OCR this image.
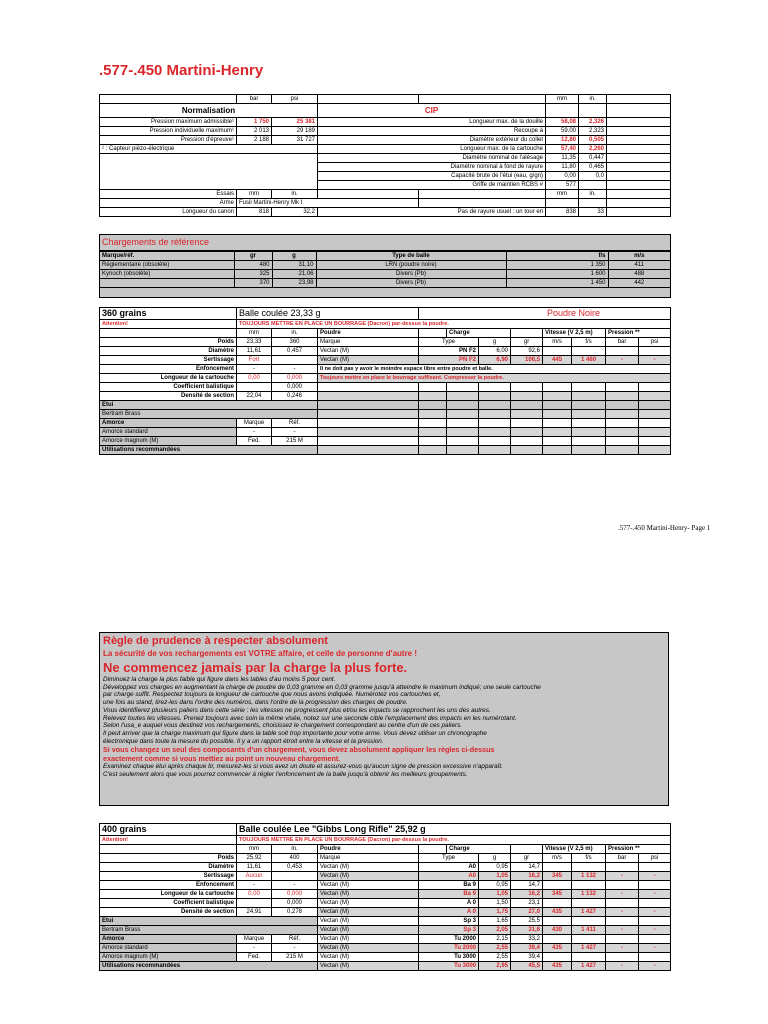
.577-.450 Martini-Henry
	bar	psi			mm	in.	
Normalisation			CIP				
Pression maximum admissible¹	1 750	25 381	Longueur max. de la douille		58,08	2,326	
Pression individuelle maximum¹	2 013	29 189	Recoupe à		59,00	2,323	
Pression d'épreuve¹	2 188	31 727	Diamètre extérieur du collet		12,80	0,505	
¹ : Capteur piézo-électrique			Longueur max. de la cartouche		57,40	2,260	
			Diamètre nominal de l'alésage		11,35	0,447	
			Diamètre nominal à fond de rayure		11,80	0,465	
			Capacité brute de l'étui (eau, g/gn)		0,00	0,0	
			Griffe de maintien RCBS #		577		
Essais	mm	in.			mm	in.	
Arme	Fusil Martini-Henry Mk I						
Longueur du canon	818	32,2	Pas de rayure usuel : un tour en		838	33	
Chargements de référence
Marque/réf.	gr	g	Type de balle	f/s	m/s
Réglementaire (obsolète)	480	31,10	LRN (poudre noire)	1 350	411
Kynoch (obsolète)	325	21,06	Divers (Pb)	1 600	488
	370	23,98	Divers (Pb)	1 450	442
360 grains	Balle coulée 23,33 g			Poudre Noire							
Attention!	TOUJOURS METTRE EN PLACE UN BOURRAGE (Dacron) par-dessus la poudre.										
	mm	in.	Poudre		Charge			Vitesse (V 2,5 m)		Pression **	
Poids	23,33	360	Marque	Type		g	gr	m/s	f/s	bar	psi
Diamètre	11,61	0,457	Vectan (M)	PN F2		6,00	92,6				
Sertissage	Fort		Vectan (M)	PN F2		6,90	106,5	445	1 460	-	-
Enfoncement	-	-	Il ne doit pas y avoir le moindre espace libre entre poudre et balle.								
Longueur de la cartouche	0,00	0,000	Toujours mettre en place le bourrage suffisant. Compresser la poudre.								
Coefficient balistique		0,000									
Densité de section	22,04	0,246									
Etui											
Bertram Brass											
Amorce	Marque	Réf.									
Amorce standard	-	-									
Amorce magnum (M)	Fed.	215 M									
Utilisations recommandées											
.577-.450 Martini-Henry- Page 1
Règle de prudence à respecter absolument
La sécurité de vos rechargements est VOTRE affaire, et celle de personne d'autre !
Ne commencez jamais par la charge la plus forte.
Diminuez la charge la plus faible qui figure dans les tables d'au moins 5 pour cent.
Développez vos charges en augmentant la charge de poudre de 0,03 gramme en 0,03 gramme jusqu'à atteindre le maximum indiqué; une seule cartouche
par charge suffit. Respectez toujours la longueur de cartouche que nous avons indiquée. Numérotez vos cartouches et,
une fois au stand, tirez-les dans l'ordre des numéros, dans l'ordre de la progression des charges de poudre.
Vous identifierez plusieurs paliers dans cette série : les vitesses ne progressent plus et/ou les impacts se rapprochent les uns des autres.
Relevez toutes les vitesses. Prenez toujours avec soin la même visée, notez sur une seconde cible l'emplacement des impacts en les numérotant.
Selon l'usa_e auquel vous destinez vos rechargements, choisissez le chargement correspondant au centre d'un de ces paliers.
Il peut arriver que la charge maximum qui figure dans la table soit trop importante pour votre arme. Vous devez utiliser un chronographe
électronique dans toute la mesure du possible. Il y a un rapport étroit entre la vitesse et la pression.
Si vous changez un seul des composants d'un chargement, vous devez absolument appliquer les règles ci-dessus
exactement comme si vous mettiez au point un nouveau chargement.
Examinez chaque étui après chaque tir, mesurez-les si vous avez un doute et assurez-vous qu'aucun signe de pression excessive n'apparaît.
C'est seulement alors que vous pourrez commencer à régler l'enfoncement de la balle jusqu'à obtenir les meilleurs groupements.
400 grains	Balle coulée Lee "Gibbs Long Rifle" 25,92 g										
Attention!	TOUJOURS METTRE EN PLACE UN BOURRAGE (Dacron) par-dessus la poudre.										
	mm	in.	Poudre		Charge			Vitesse (V 2,5 m)		Pression **	
Poids	25,92	400	Marque	Type		g	gr	m/s	f/s	bar	psi
Diamètre	11,61	0,453	Vectan (M)	A0		0,95	14,7				
Sertissage	Aucun		Vectan (M)	A0		1,05	16,2	345	1 132	-	-
Enfoncement	-	-	Vectan (M)	Ba 9		0,95	14,7				
Longueur de la cartouche	0,00	0,000	Vectan (M)	Ba 9		1,05	16,2	345	1 132	-	-
Coefficient balistique		0,000	Vectan (M)	A 0		1,50	23,1				
Densité de section	24,91	0,278	Vectan (M)	A 0		1,75	27,0	435	1 427	-	-
Etui			Vectan (M)	Sp 3		1,65	25,5				
Bertram Brass			Vectan (M)	Sp 3		2,05	31,6	430	1 411	-	-
Amorce	Marque	Réf.	Vectan (M)	Tu 2000		2,15	33,2				
Amorce standard	-	-	Vectan (M)	Tu 2000		2,55	39,4	435	1 427	-	-
Amorce magnum (M)	Fed.	215 M	Vectan (M)	Tu 3000		2,55	39,4				
Utilisations recommandées			Vectan (M)	Tu 3000		2,95	45,5	435	1 427	-	-
